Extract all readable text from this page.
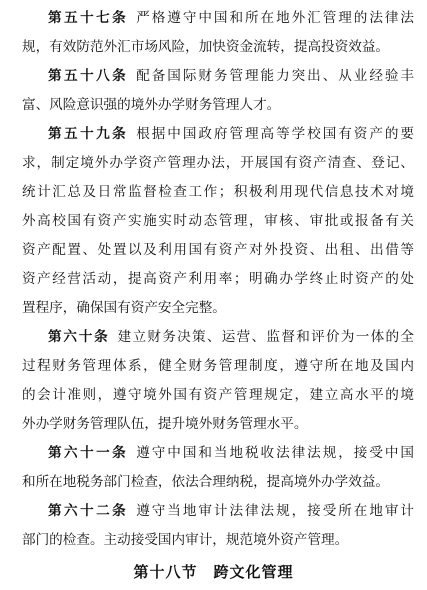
第五十七条 严格遵守中国和所在地外汇管理的法律法
规，有效防范外汇市场风险，加快资金流转，提高投资效益。
第五十八条 配备国际财务管理能力突出、从业经验丰
富、风险意识强的境外办学财务管理人才。
第五十九条 根据中国政府管理高等学校国有资产的要
求，制定境外办学资产管理办法，开展国有资产清查、登记、
统计汇总及日常监督检查工作；积极利用现代信息技术对境
外高校国有资产实施实时动态管理，审核、审批或报备有关
资产配置、处置以及利用国有资产对外投资、出租、出借等
资产经营活动，提高资产利用率；明确办学终止时资产的处
置程序，确保国有资产安全完整。
第六十条 建立财务决策、运营、监督和评价为一体的全
过程财务管理体系，健全财务管理制度，遵守所在地及国内
的会计准则，遵守境外国有资产管理规定，建立高水平的境
外办学财务管理队伍，提升境外财务管理水平。
第六十一条 遵守中国和当地税收法律法规，接受中国
和所在地税务部门检查，依法合理纳税，提高境外办学效益。
第六十二条 遵守当地审计法律法规，接受所在地审计
部门的检查。主动接受国内审计，规范境外资产管理。
第十八节　跨文化管理
